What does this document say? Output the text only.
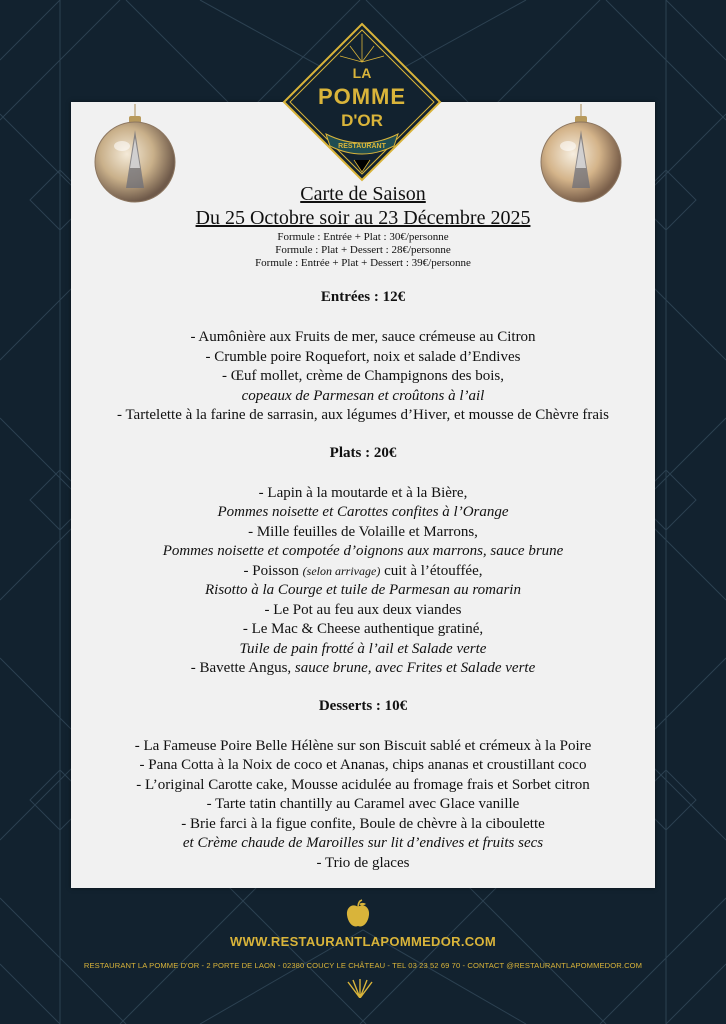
LA
POMME
D'OR
RESTAURANT

Carte de Saison

Du 25 Octobre soir au 23 Décembre 2025

Formule : Entrée + Plat : 30€/personne

Formule : Plat + Dessert : 28€/personne

Formule : Entrée + Plat + Dessert : 39€/personne

Entrées : 12€

- Aumônière aux Fruits de mer, sauce crémeuse au Citron

- Crumble poire Roquefort, noix et salade d’Endives

- Œuf mollet, crème de Champignons des bois,

copeaux de Parmesan et croûtons à l’ail

- Tartelette à la farine de sarrasin, aux légumes d’Hiver, et mousse de Chèvre frais

Plats : 20€

- Lapin à la moutarde et à la Bière,

Pommes noisette et Carottes confites à l’Orange

- Mille feuilles de Volaille et Marrons,

Pommes noisette et compotée d’oignons aux marrons, sauce brune

- Poisson (selon arrivage) cuit à l’étouffée,

Risotto à la Courge et tuile de Parmesan au romarin

- Le Pot au feu aux deux viandes

- Le Mac & Cheese authentique gratiné,

Tuile de pain frotté à l’ail et Salade verte

- Bavette Angus, sauce brune, avec Frites et Salade verte

Desserts : 10€

- La Fameuse Poire Belle Hélène sur son Biscuit sablé et crémeux à la Poire

- Pana Cotta à la Noix de coco et Ananas, chips ananas et croustillant coco

- L’original Carotte cake, Mousse acidulée au fromage frais et Sorbet citron

- Tarte tatin chantilly au Caramel avec Glace vanille

- Brie farci à la figue confite, Boule de chèvre à la ciboulette

et Crème chaude de Maroilles sur lit d’endives et fruits secs

- Trio de glaces

WWW.RESTAURANTLAPOMMEDOR.COM
RESTAURANT LA POMME D'OR - 2 PORTE DE LAON - 02380 COUCY LE CHÂTEAU - TEL 03 23 52 69 70 - CONTACT @RESTAURANTLAPOMMEDOR.COM
